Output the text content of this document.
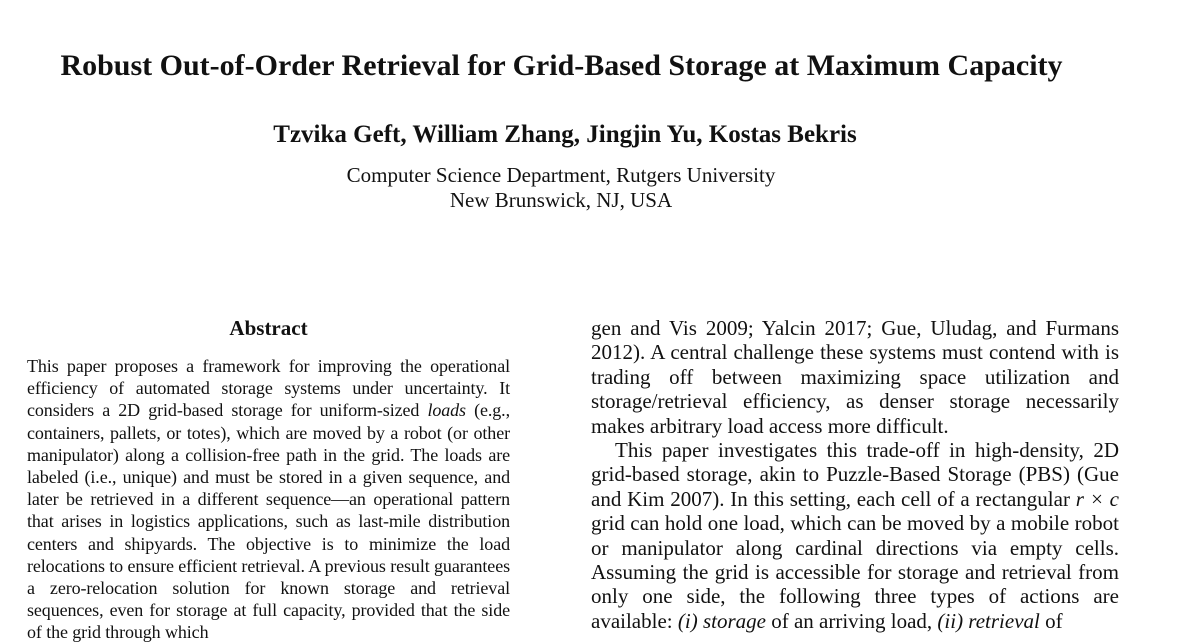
Robust Out-of-Order Retrieval for Grid-Based Storage at Maximum Capacity
Tzvika Geft, William Zhang, Jingjin Yu, Kostas Bekris
Computer Science Department, Rutgers University
New Brunswick, NJ, USA
Abstract

This paper proposes a framework for improving the operational efficiency of automated storage systems under uncertainty. It considers a 2D grid-based storage for uniform-sized loads (e.g., containers, pallets, or totes), which are moved by a robot (or other manipulator) along a collision-free path in the grid. The loads are labeled (i.e., unique) and must be stored in a given sequence, and later be retrieved in a different sequence—an operational pattern that arises in logistics applications, such as last-mile distribution centers and shipyards. The objective is to minimize the load relocations to ensure efficient retrieval. A previous result guarantees a zero-relocation solution for known storage and retrieval sequences, even for storage at full capacity, provided that the side of the grid through which

gen and Vis 2009; Yalcin 2017; Gue, Uludag, and Furmans 2012). A central challenge these systems must contend with is trading off between maximizing space utilization and storage/retrieval efficiency, as denser storage necessarily makes arbitrary load access more difficult.

This paper investigates this trade-off in high-density, 2D grid-based storage, akin to Puzzle-Based Storage (PBS) (Gue and Kim 2007). In this setting, each cell of a rectangular r × c grid can hold one load, which can be moved by a mobile robot or manipulator along cardinal directions via empty cells. Assuming the grid is accessible for storage and retrieval from only one side, the following three types of actions are available: (i) storage of an arriving load, (ii) retrieval of
